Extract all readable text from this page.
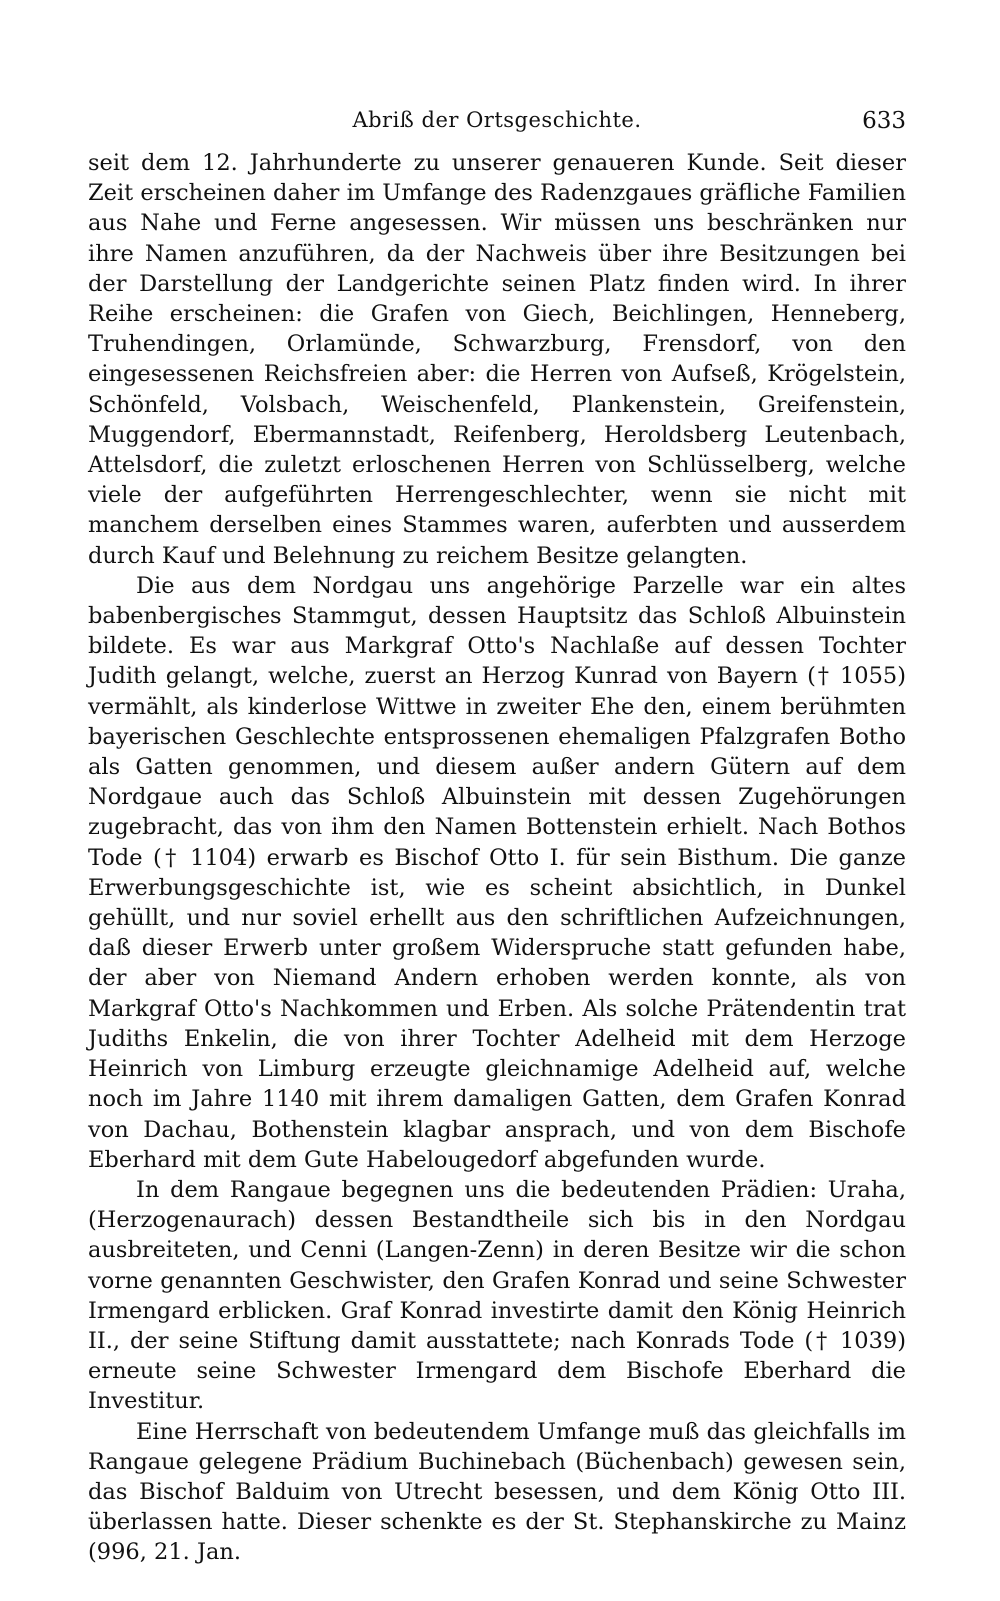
Abriß der Ortsgeschichte.	633

seit dem 12. Jahrhunderte zu unserer genaueren Kunde. Seit dieser Zeit erscheinen daher im Umfange des Radenzgaues gräfliche Familien aus Nahe und Ferne angesessen. Wir müssen uns beschränken nur ihre Namen anzuführen, da der Nachweis über ihre Besitzungen bei der Darstellung der Landgerichte seinen Platz finden wird. In ihrer Reihe erscheinen: die Grafen von Giech, Beichlingen, Henneberg, Truhendingen, Orlamünde, Schwarzburg, Frensdorf, von den eingesessenen Reichsfreien aber: die Herren von Aufseß, Krögelstein, Schönfeld, Volsbach, Weischenfeld, Plankenstein, Greifenstein, Muggendorf, Ebermannstadt, Reifenberg, Heroldsberg Leutenbach, Attelsdorf, die zuletzt erloschenen Herren von Schlüsselberg, welche viele der aufgeführten Herrengeschlechter, wenn sie nicht mit manchem derselben eines Stammes waren, auferbten und ausserdem durch Kauf und Belehnung zu reichem Besitze gelangten.

Die aus dem Nordgau uns angehörige Parzelle war ein altes babenbergisches Stammgut, dessen Hauptsitz das Schloß Albuinstein bildete. Es war aus Markgraf Otto's Nachlaße auf dessen Tochter Judith gelangt, welche, zuerst an Herzog Kunrad von Bayern († 1055) vermählt, als kinderlose Wittwe in zweiter Ehe den, einem berühmten bayerischen Geschlechte entsprossenen ehemaligen Pfalzgrafen Botho als Gatten genommen, und diesem außer andern Gütern auf dem Nordgaue auch das Schloß Albuinstein mit dessen Zugehörungen zugebracht, das von ihm den Namen Bottenstein erhielt. Nach Bothos Tode († 1104) erwarb es Bischof Otto I. für sein Bisthum. Die ganze Erwerbungsgeschichte ist, wie es scheint absichtlich, in Dunkel gehüllt, und nur soviel erhellt aus den schriftlichen Aufzeichnungen, daß dieser Erwerb unter großem Widerspruche statt gefunden habe, der aber von Niemand Andern erhoben werden konnte, als von Markgraf Otto's Nachkommen und Erben. Als solche Prätendentin trat Judiths Enkelin, die von ihrer Tochter Adelheid mit dem Herzoge Heinrich von Limburg erzeugte gleichnamige Adelheid auf, welche noch im Jahre 1140 mit ihrem damaligen Gatten, dem Grafen Konrad von Dachau, Bothenstein klagbar ansprach, und von dem Bischofe Eberhard mit dem Gute Habelougedorf abgefunden wurde.

In dem Rangaue begegnen uns die bedeutenden Prädien: Uraha, (Herzogenaurach) dessen Bestandtheile sich bis in den Nordgau ausbreiteten, und Cenni (Langen-Zenn) in deren Besitze wir die schon vorne genannten Geschwister, den Grafen Konrad und seine Schwester Irmengard erblicken. Graf Konrad investirte damit den König Heinrich II., der seine Stiftung damit ausstattete; nach Konrads Tode († 1039) erneute seine Schwester Irmengard dem Bischofe Eberhard die Investitur.

Eine Herrschaft von bedeutendem Umfange muß das gleichfalls im Rangaue gelegene Prädium Buchinebach (Büchenbach) gewesen sein, das Bischof Balduim von Utrecht besessen, und dem König Otto III. überlassen hatte. Dieser schenkte es der St. Stephanskirche zu Mainz (996, 21. Jan.
